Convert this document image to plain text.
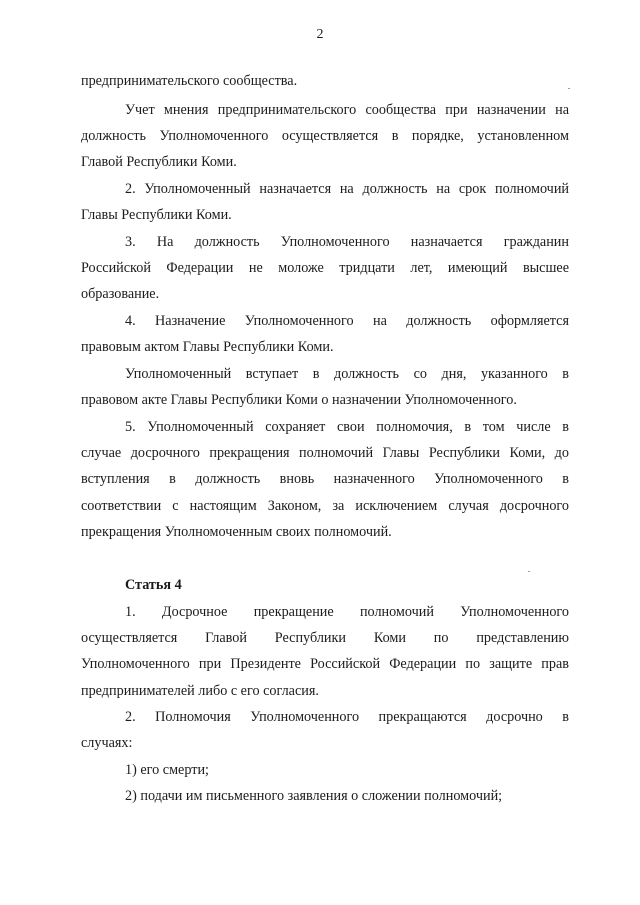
2
предпринимательского сообщества.
Учет мнения предпринимательского сообщества при назначении на
должность Уполномоченного осуществляется в порядке, установленном
Главой Республики Коми.
2. Уполномоченный назначается на должность на срок полномочий
Главы Республики Коми.
3. На должность Уполномоченного назначается гражданин
Российской Федерации не моложе тридцати лет, имеющий высшее
образование.
4. Назначение Уполномоченного на должность оформляется
правовым актом Главы Республики Коми.
Уполномоченный вступает в должность со дня, указанного в
правовом акте Главы Республики Коми о назначении Уполномоченного.
5. Уполномоченный сохраняет свои полномочия, в том числе в
случае досрочного прекращения полномочий Главы Республики Коми, до
вступления в должность вновь назначенного Уполномоченного в
соответствии с настоящим Законом, за исключением случая досрочного
прекращения Уполномоченным своих полномочий.
Статья 4
1. Досрочное прекращение полномочий Уполномоченного
осуществляется Главой Республики Коми по представлению
Уполномоченного при Президенте Российской Федерации по защите прав
предпринимателей либо с его согласия.
2. Полномочия Уполномоченного прекращаются досрочно в
случаях:
1) его смерти;
2) подачи им письменного заявления о сложении полномочий;
